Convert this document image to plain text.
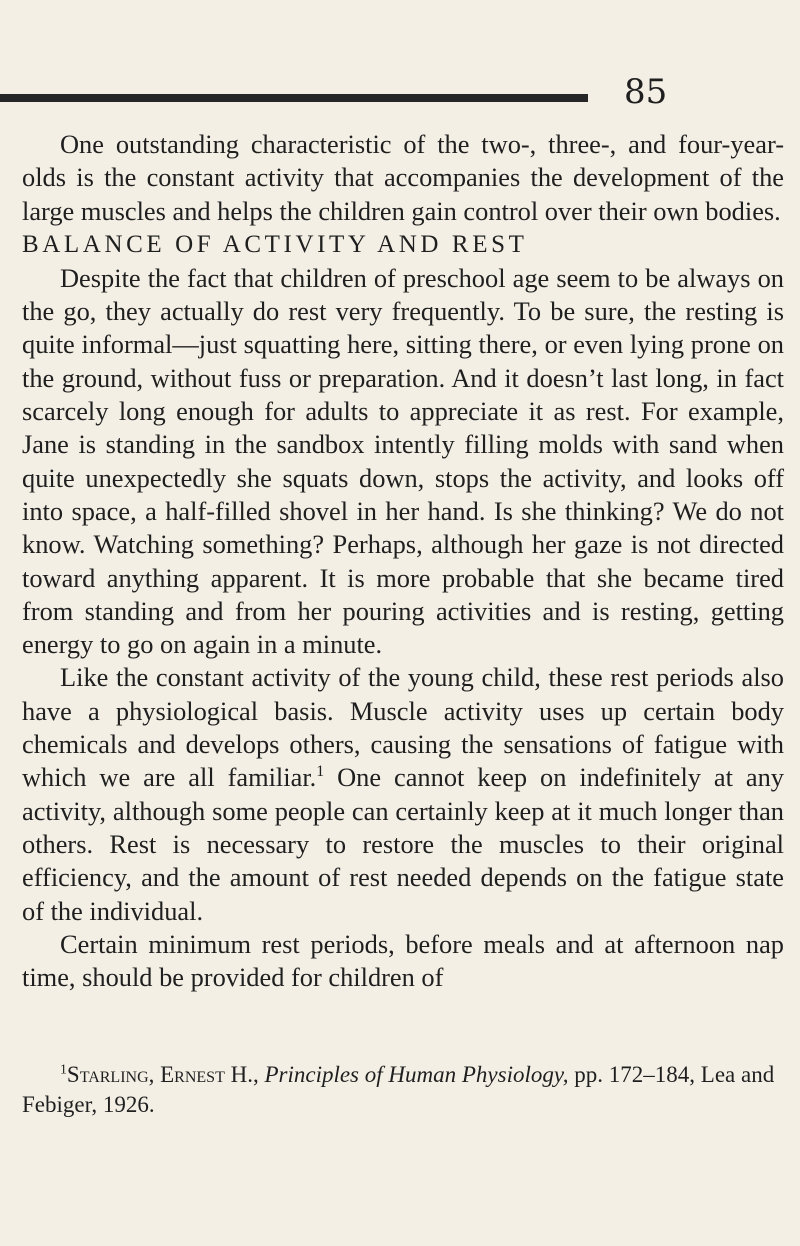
85

One outstanding characteristic of the two-, three-, and four-year-olds is the constant activity that accompanies the development of the large muscles and helps the children gain control over their own bodies.

BALANCE OF ACTIVITY AND REST

Despite the fact that children of preschool age seem to be always on the go, they actually do rest very frequently. To be sure, the resting is quite informal—just squatting here, sitting there, or even lying prone on the ground, without fuss or preparation. And it doesn’t last long, in fact scarcely long enough for adults to appreciate it as rest. For example, Jane is standing in the sandbox intently filling molds with sand when quite unexpectedly she squats down, stops the activity, and looks off into space, a half-filled shovel in her hand. Is she thinking? We do not know. Watching something? Perhaps, although her gaze is not directed toward anything apparent. It is more probable that she became tired from standing and from her pouring activities and is resting, getting energy to go on again in a minute.

Like the constant activity of the young child, these rest periods also have a physiological basis. Muscle activity uses up certain body chemicals and develops others, causing the sensations of fatigue with which we are all familiar.$^1$ One cannot keep on indefinitely at any activity, although some people can certainly keep at it much longer than others. Rest is necessary to restore the muscles to their original efficiency, and the amount of rest needed depends on the fatigue state of the individual.

Certain minimum rest periods, before meals and at afternoon nap time, should be provided for children of

$^1$Starling, Ernest H., Principles of Human Physiology, pp. 172–184, Lea and Febiger, 1926.
